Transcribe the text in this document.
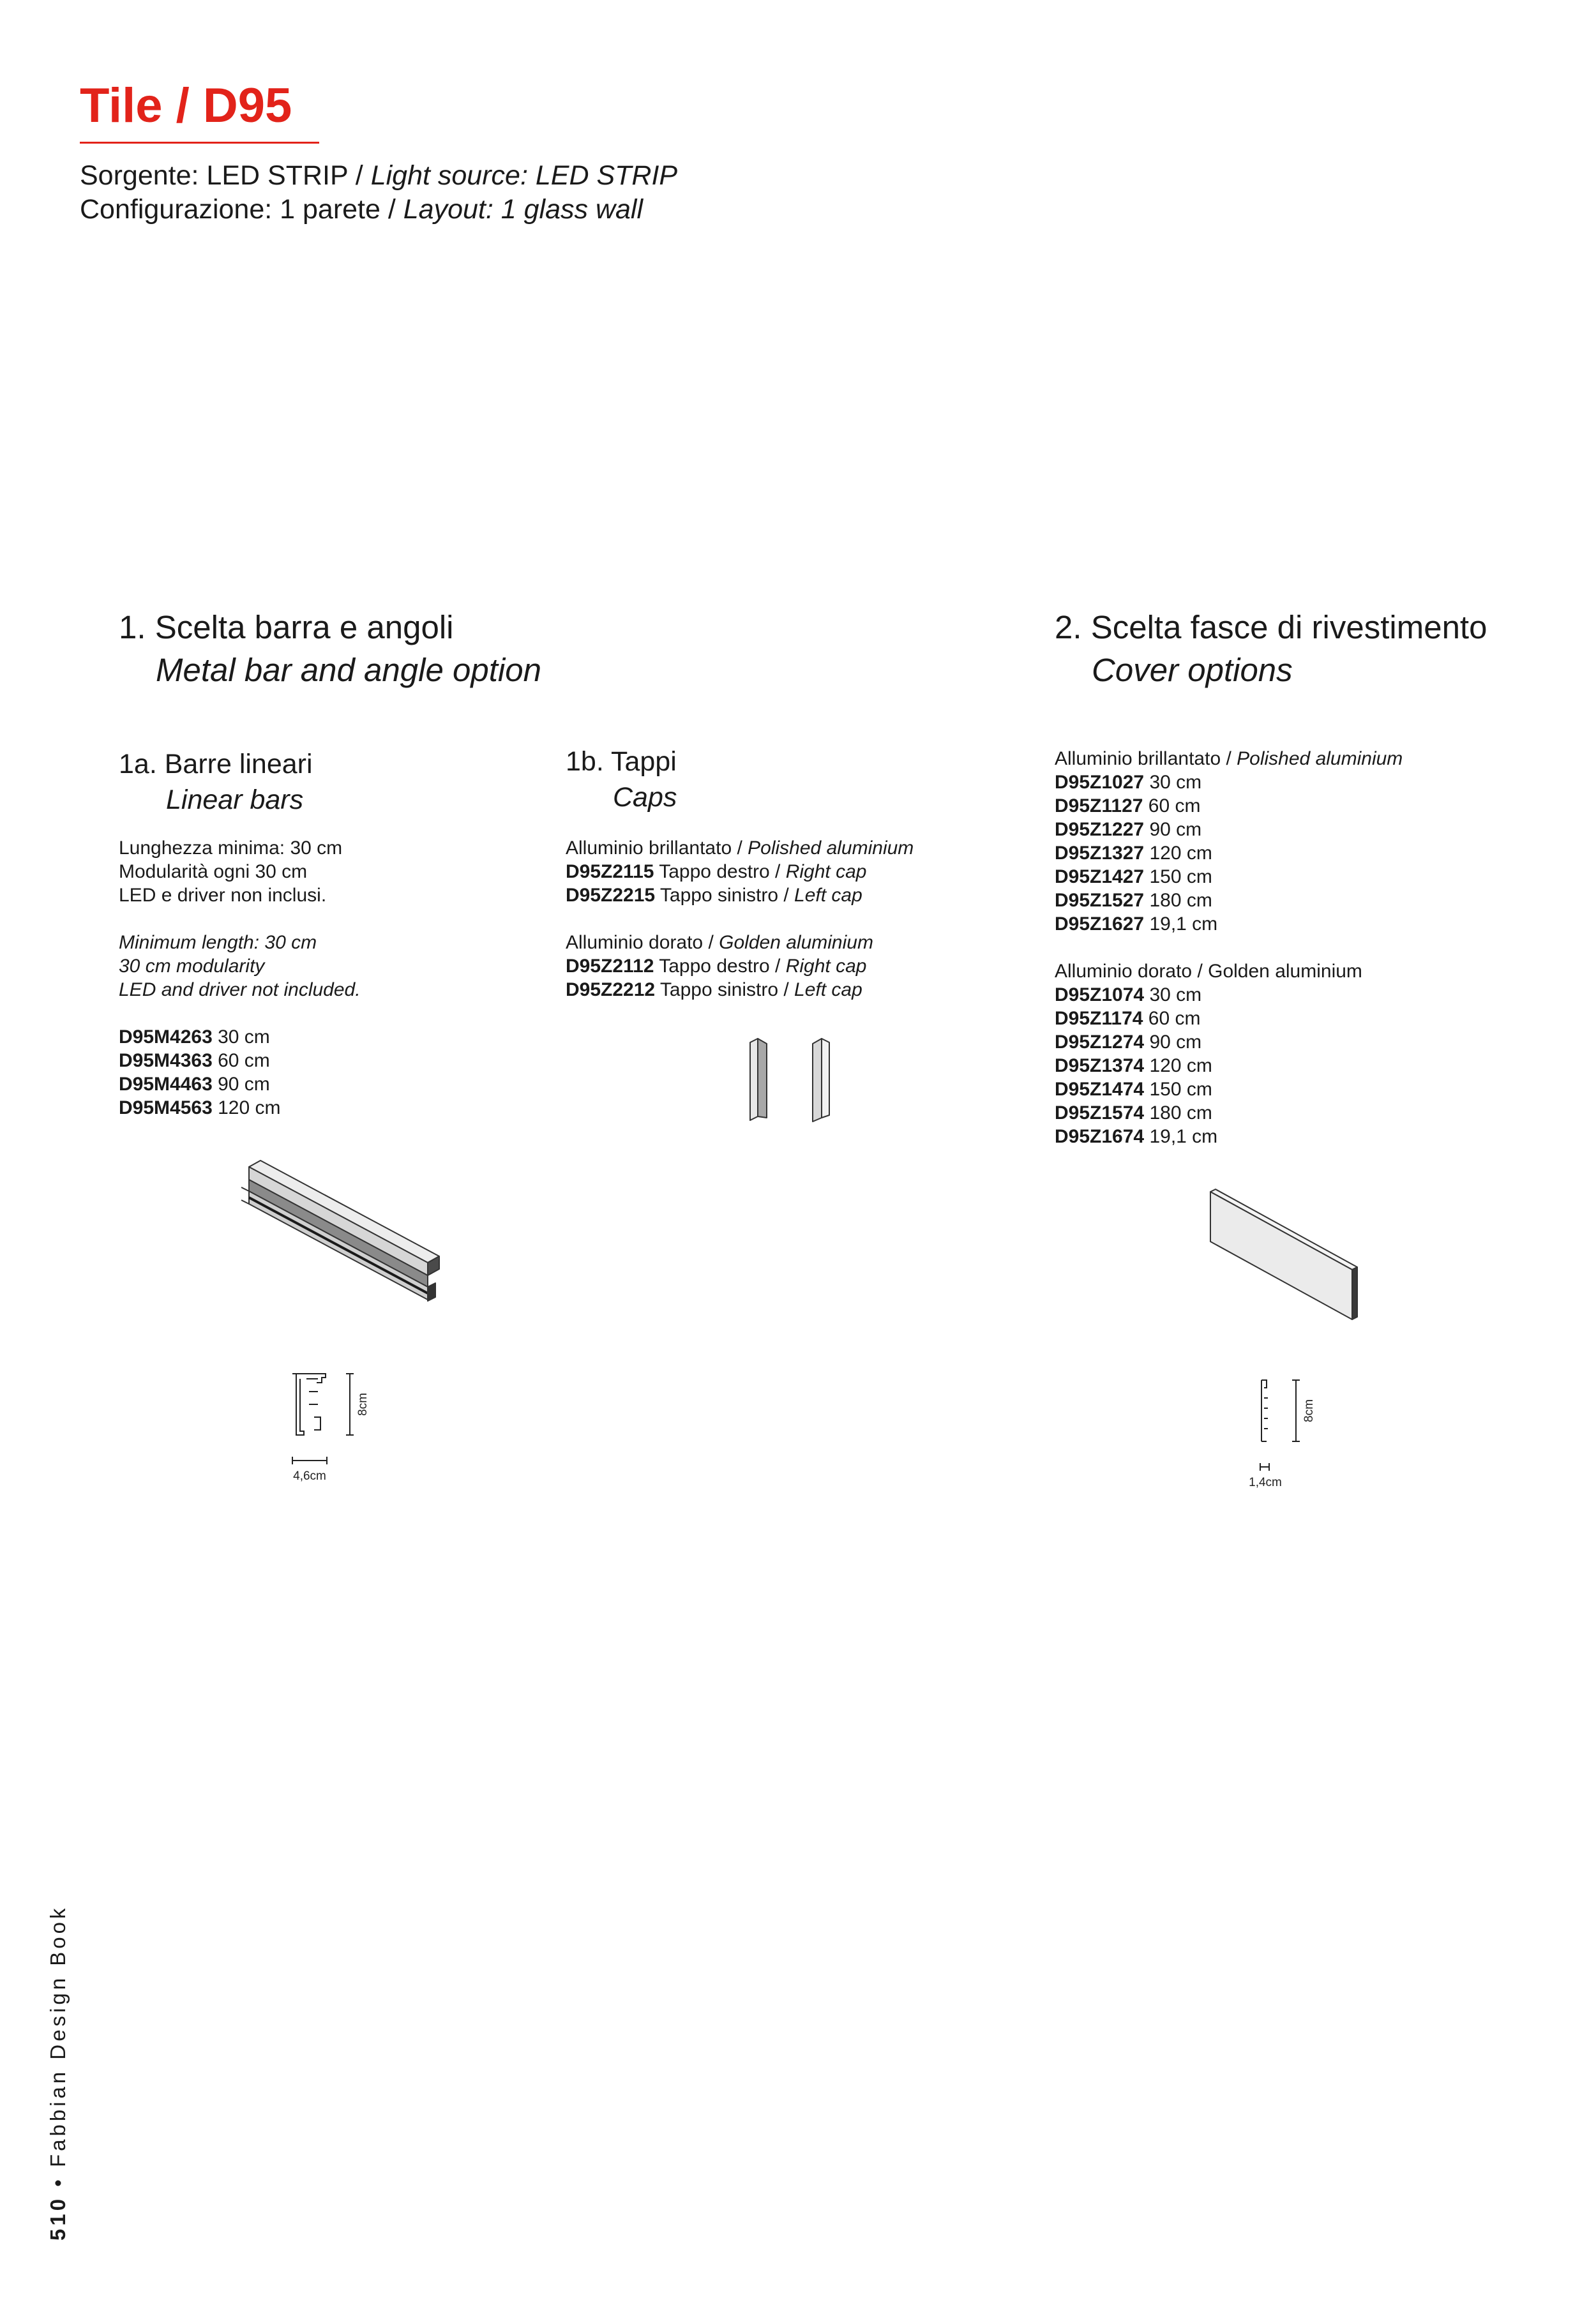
Tile / D95
Sorgente: LED STRIP / Light source: LED STRIP
Configurazione: 1 parete / Layout: 1 glass wall
1. Scelta barra e angoli
Metal bar and angle option
2. Scelta fasce di rivestimento
Cover options
1a. Barre lineari
Linear bars
Lunghezza minima: 30 cm
Modularità ogni 30 cm
LED e driver non inclusi.
Minimum length: 30 cm
30 cm modularity
LED and driver not included.
D95M4263 30 cm
D95M4363 60 cm
D95M4463 90 cm
D95M4563 120 cm
1b. Tappi
Caps
Alluminio brillantato / Polished aluminium
D95Z2115 Tappo destro / Right cap
D95Z2215 Tappo sinistro / Left cap
Alluminio dorato / Golden aluminium
D95Z2112 Tappo destro / Right cap
D95Z2212 Tappo sinistro / Left cap
Alluminio brillantato / Polished aluminium
D95Z1027 30 cm
D95Z1127 60 cm
D95Z1227 90 cm
D95Z1327 120 cm
D95Z1427 150 cm
D95Z1527 180 cm
D95Z1627 19,1 cm
Alluminio dorato / Golden aluminium
D95Z1074 30 cm
D95Z1174 60 cm
D95Z1274 90 cm
D95Z1374 120 cm
D95Z1474 150 cm
D95Z1574 180 cm
D95Z1674 19,1 cm
8cm
4,6cm
8cm
1,4cm
510 • Fabbian Design Book
